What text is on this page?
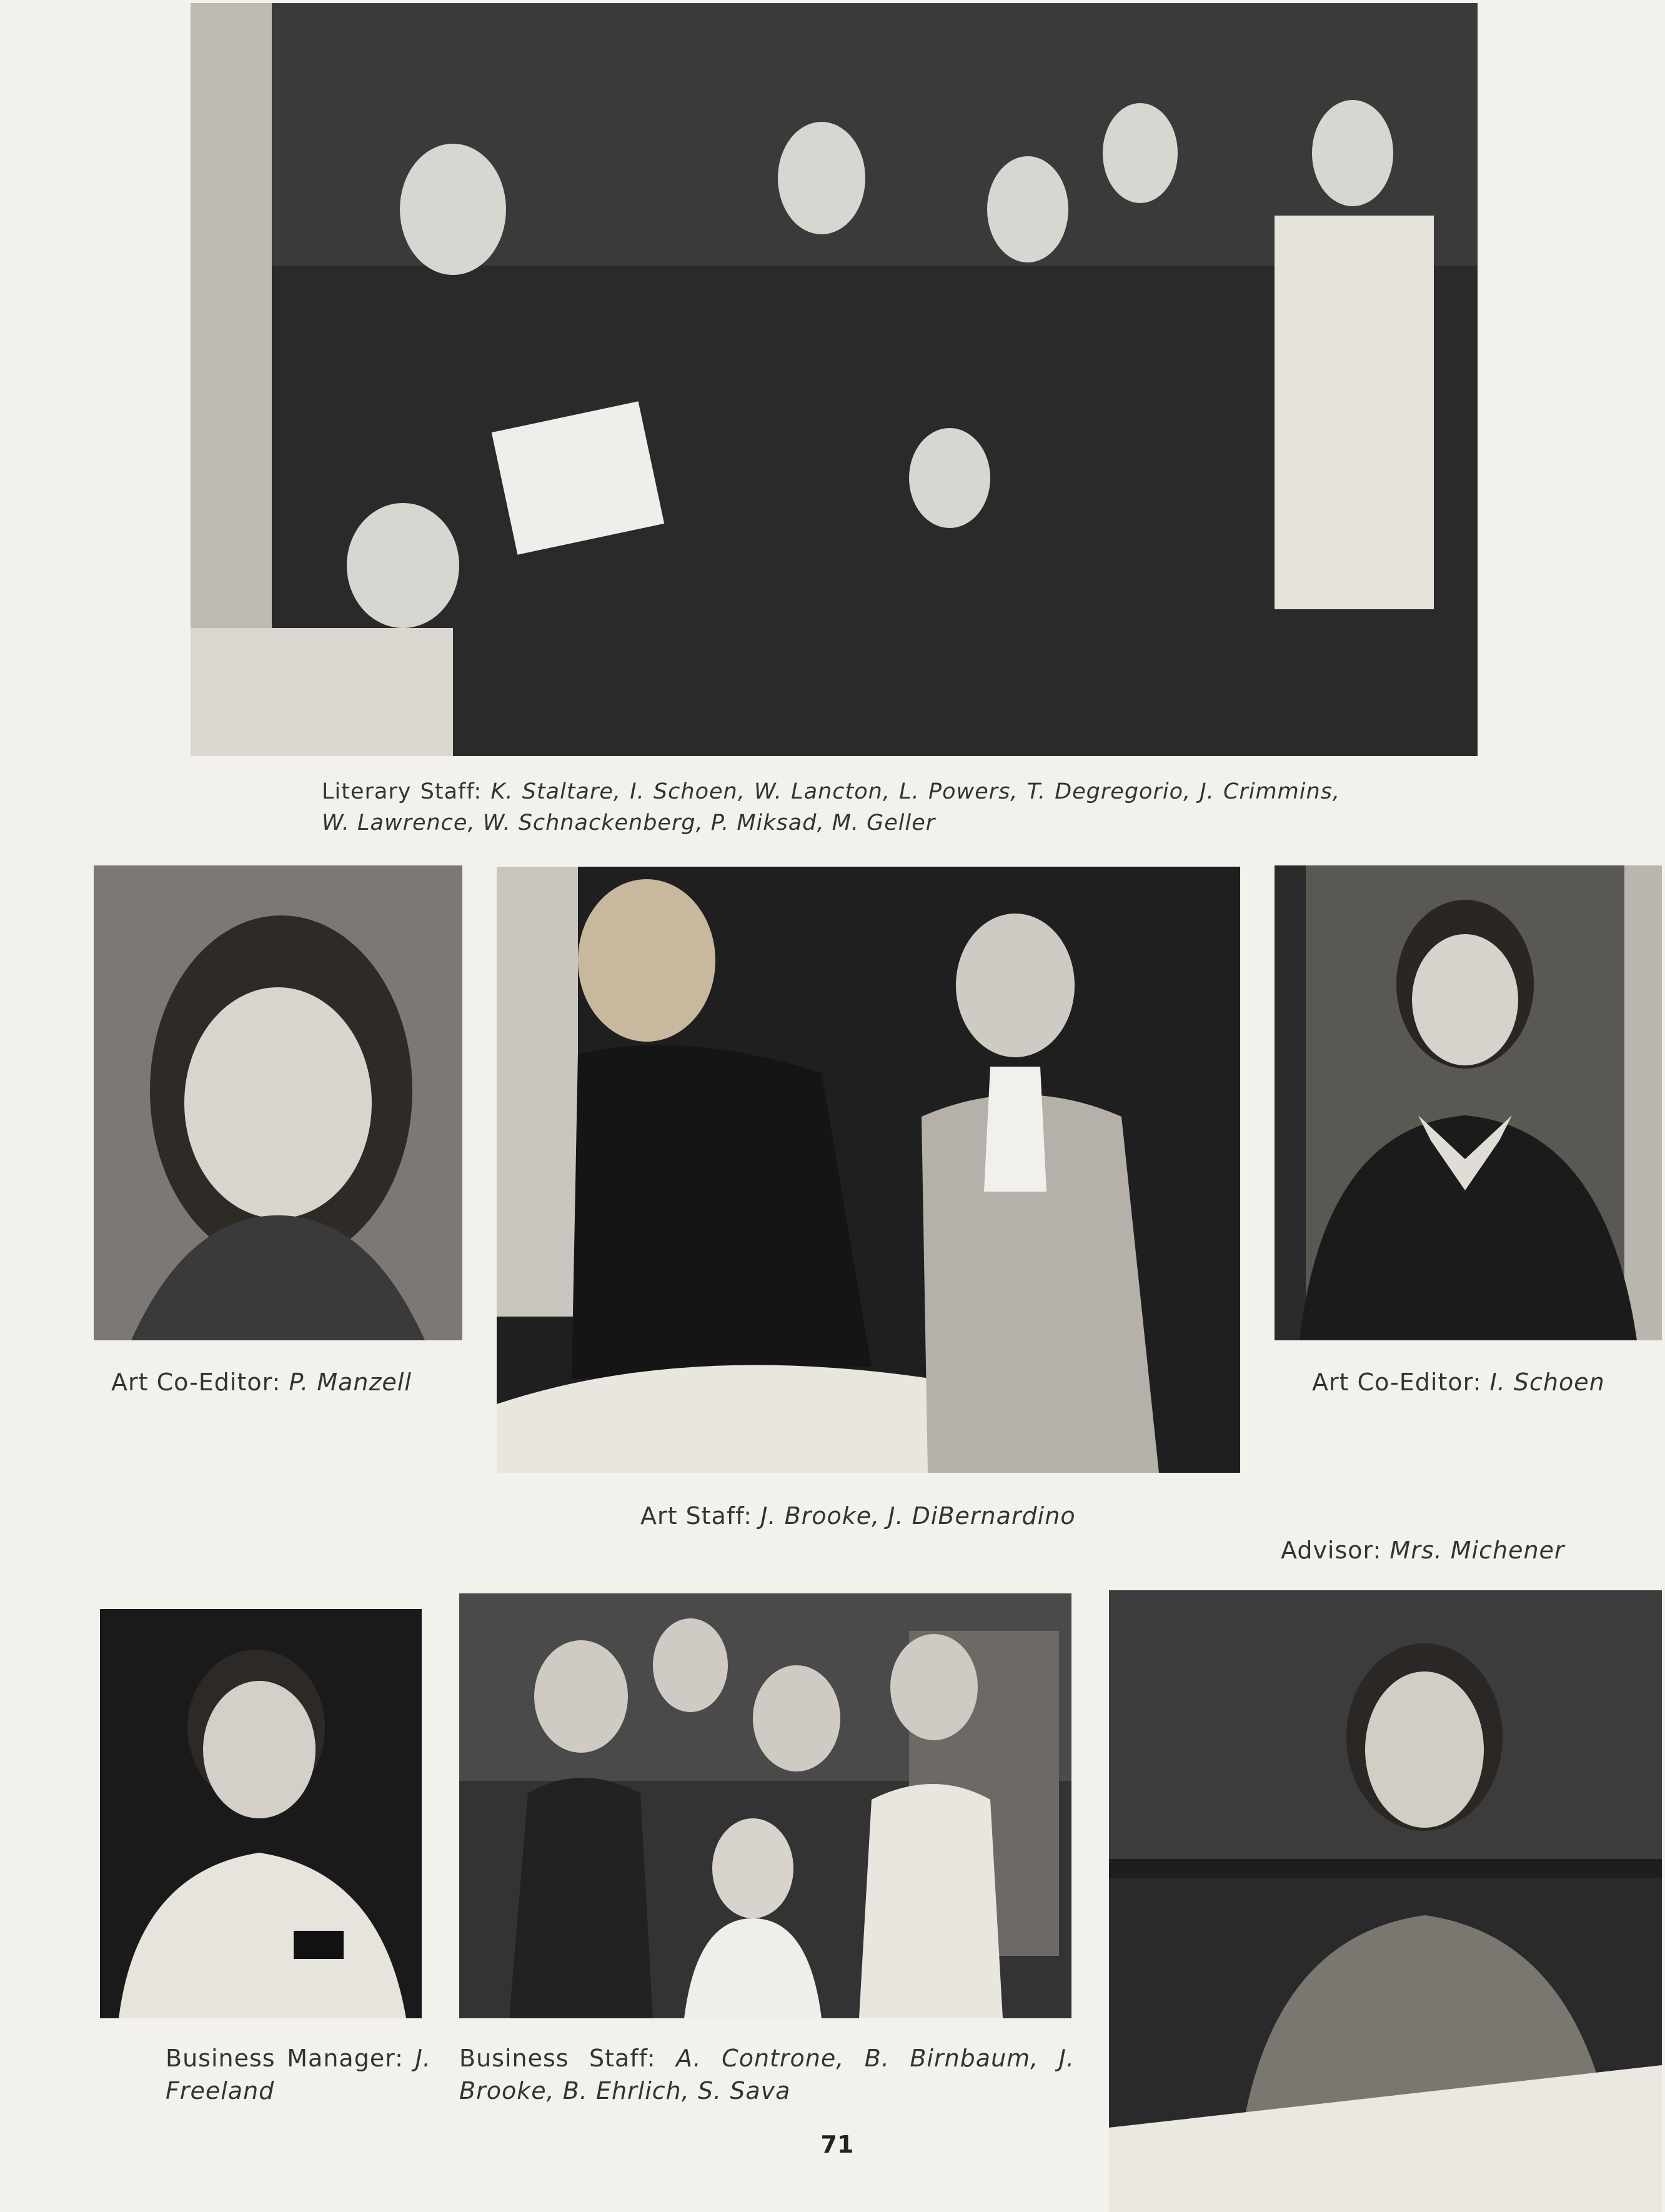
Literary Staff: K. Staltare, I. Schoen, W. Lancton, L. Powers, T. Degregorio, J. Crimmins, W. Lawrence, W. Schnackenberg, P. Miksad, M. Geller
Art Co-Editor: P. Manzell
Art Staff: J. Brooke, J. DiBernardino
Art Co-Editor: I. Schoen
Advisor: Mrs. Michener
Business Manager: J. Freeland
Business Staff: A. Controne, B. Birnbaum, J. Brooke, B. Ehrlich, S. Sava
71
